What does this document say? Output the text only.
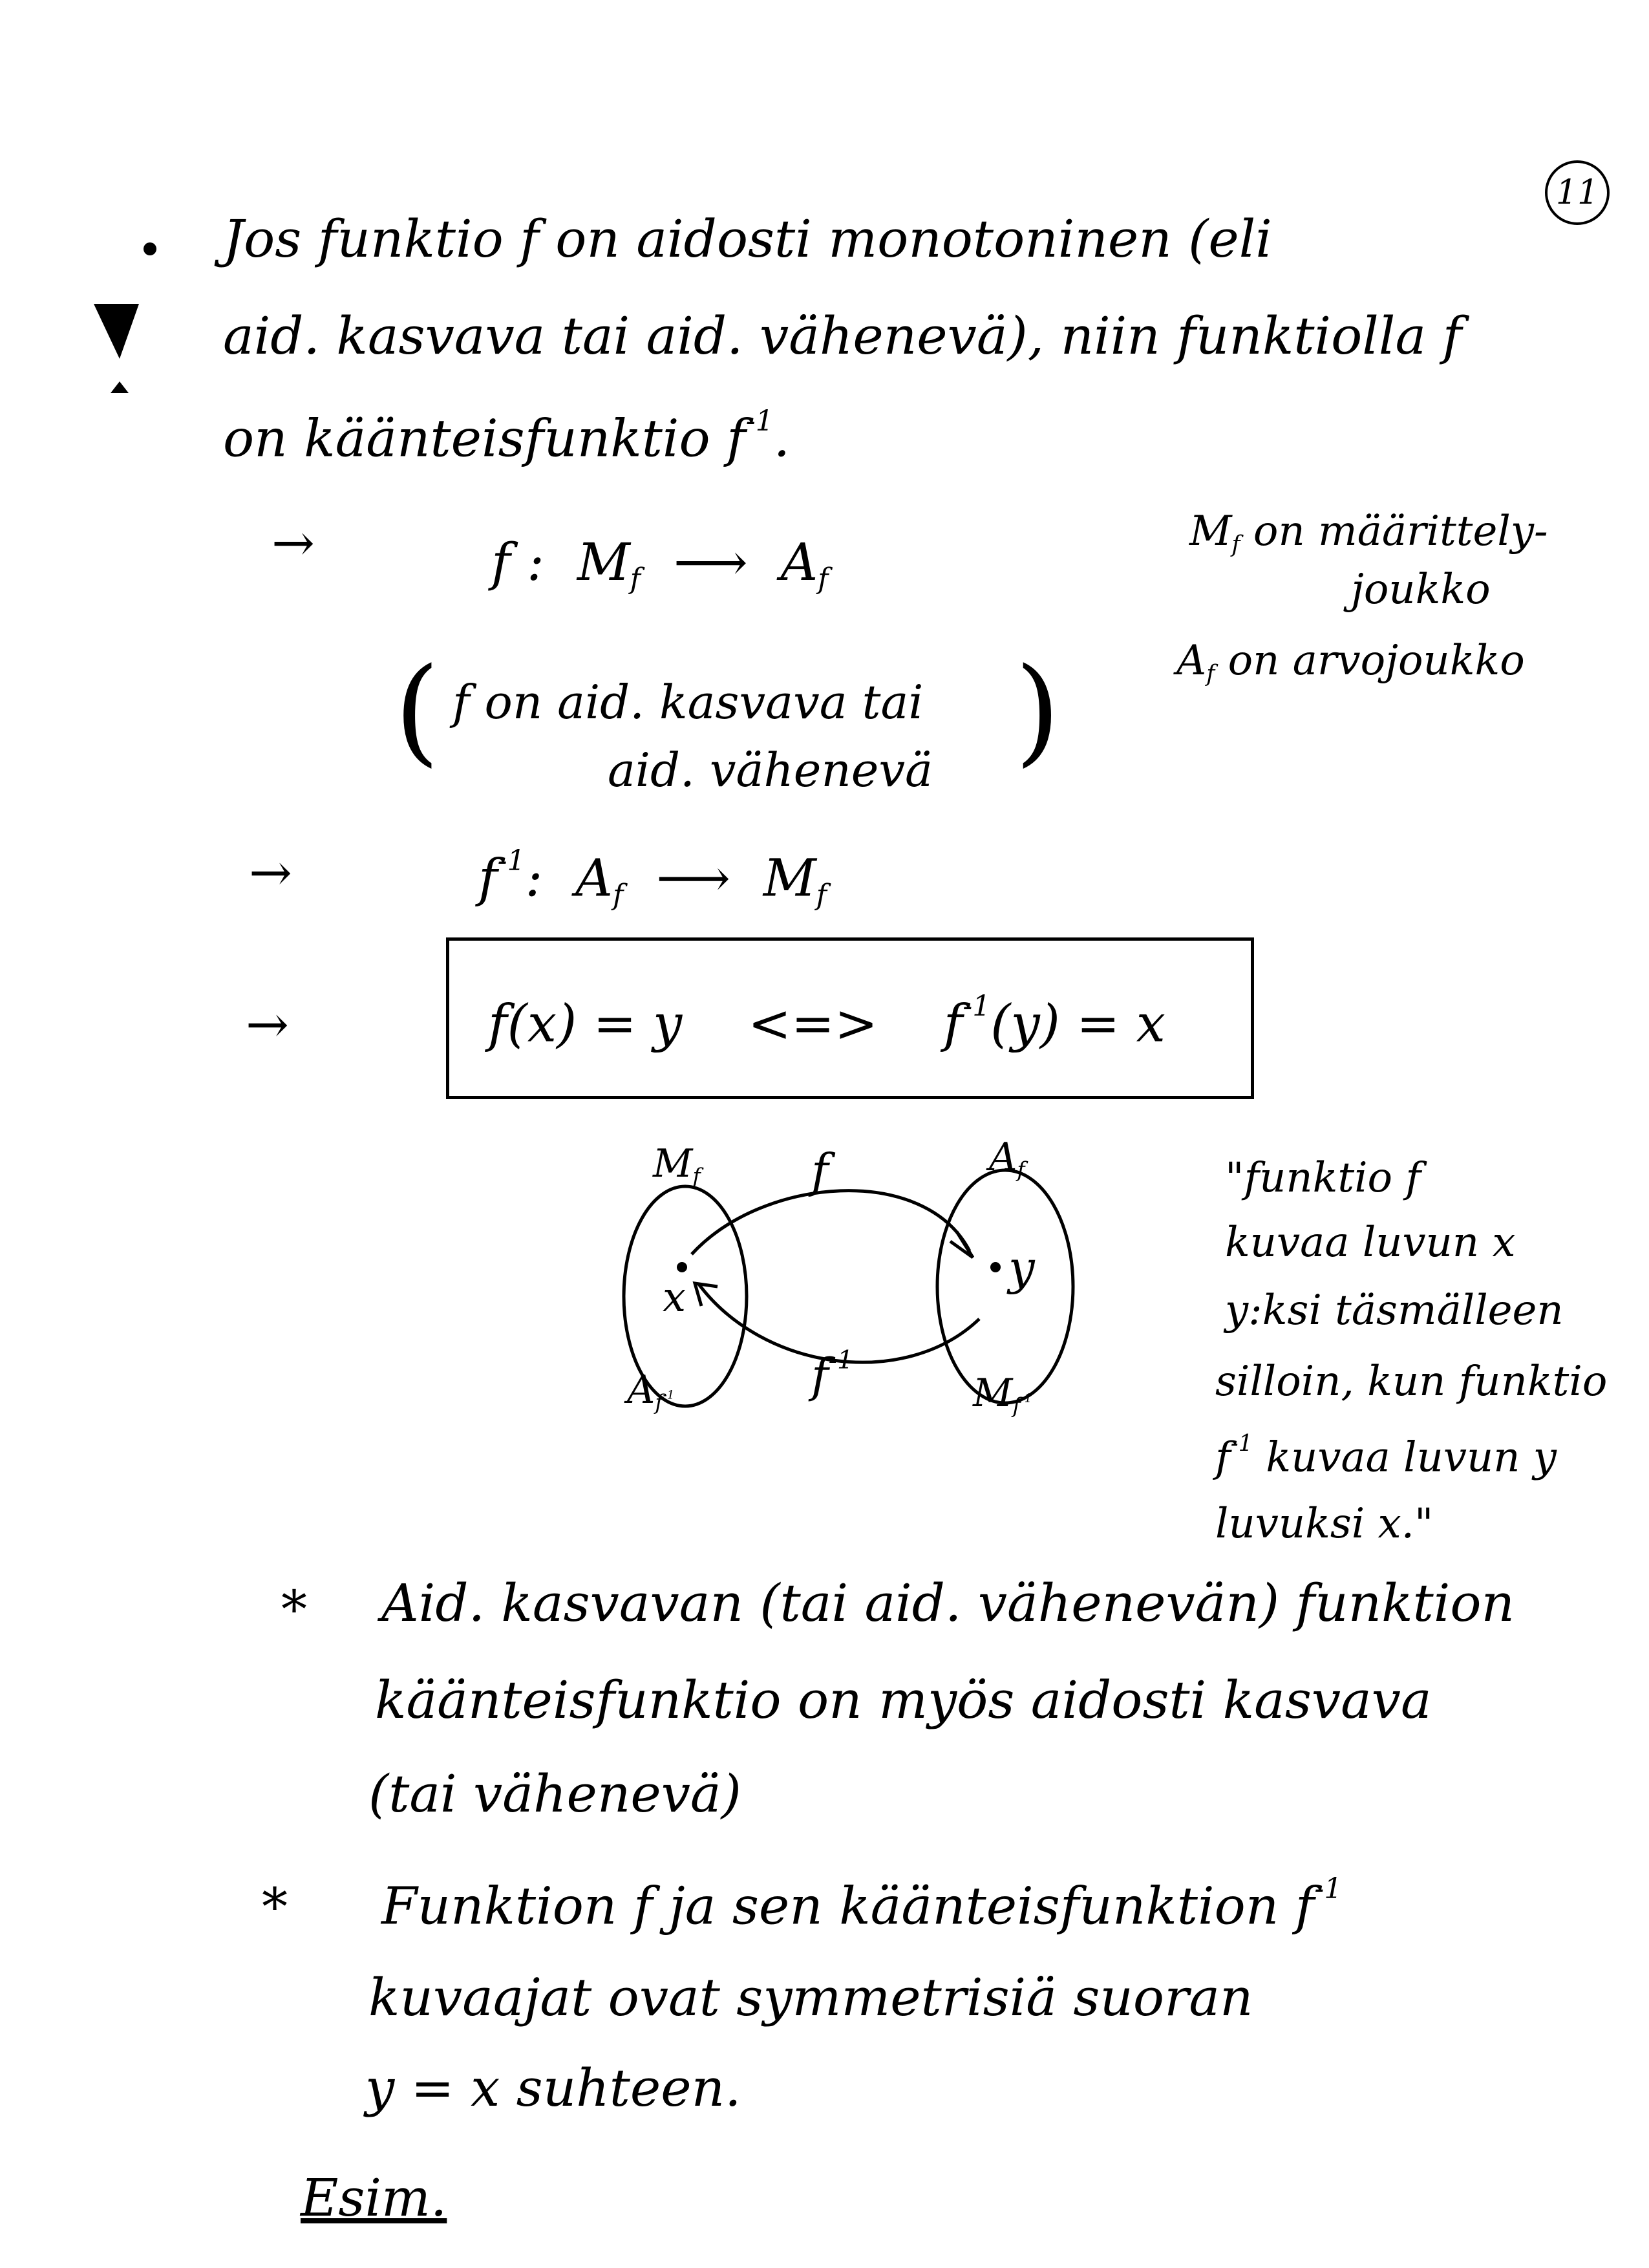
11
Jos funktio f on aidosti monotoninen (eli
aid. kasvava tai aid. vähenevä), niin funktiolla f
on käänteisfunktio $f^{-1}$.
→
→
→
f : $M_f$ ⟶ $A_f$
( f on aid. kasvava tai
aid. vähenevä )
$M_f$ on määrittely-
joukko
$A_f$ on arvojoukko
$f^{-1}$: $A_f$ ⟶ $M_f$
f(x) = y <=> $f^{-1}(y) = x$
$M_f$ f	$A_f$
x
y
$f^{-1}$
$A_{f^{-1}}$	$M_{f^{-1}}$
"funktio f
kuvaa luvun x
y:ksi täsmälleen
silloin, kun funktio
$f^{-1}$ kuvaa luvun y
luvuksi x."
* Aid. kasvavan (tai aid. vähenevän) funktion
käänteisfunktio on myös aidosti kasvava
(tai vähenevä)
* Funktion f ja sen käänteisfunktion $f^{-1}$
kuvaajat ovat symmetrisiä suoran
y = x suhteen.
Esim.
